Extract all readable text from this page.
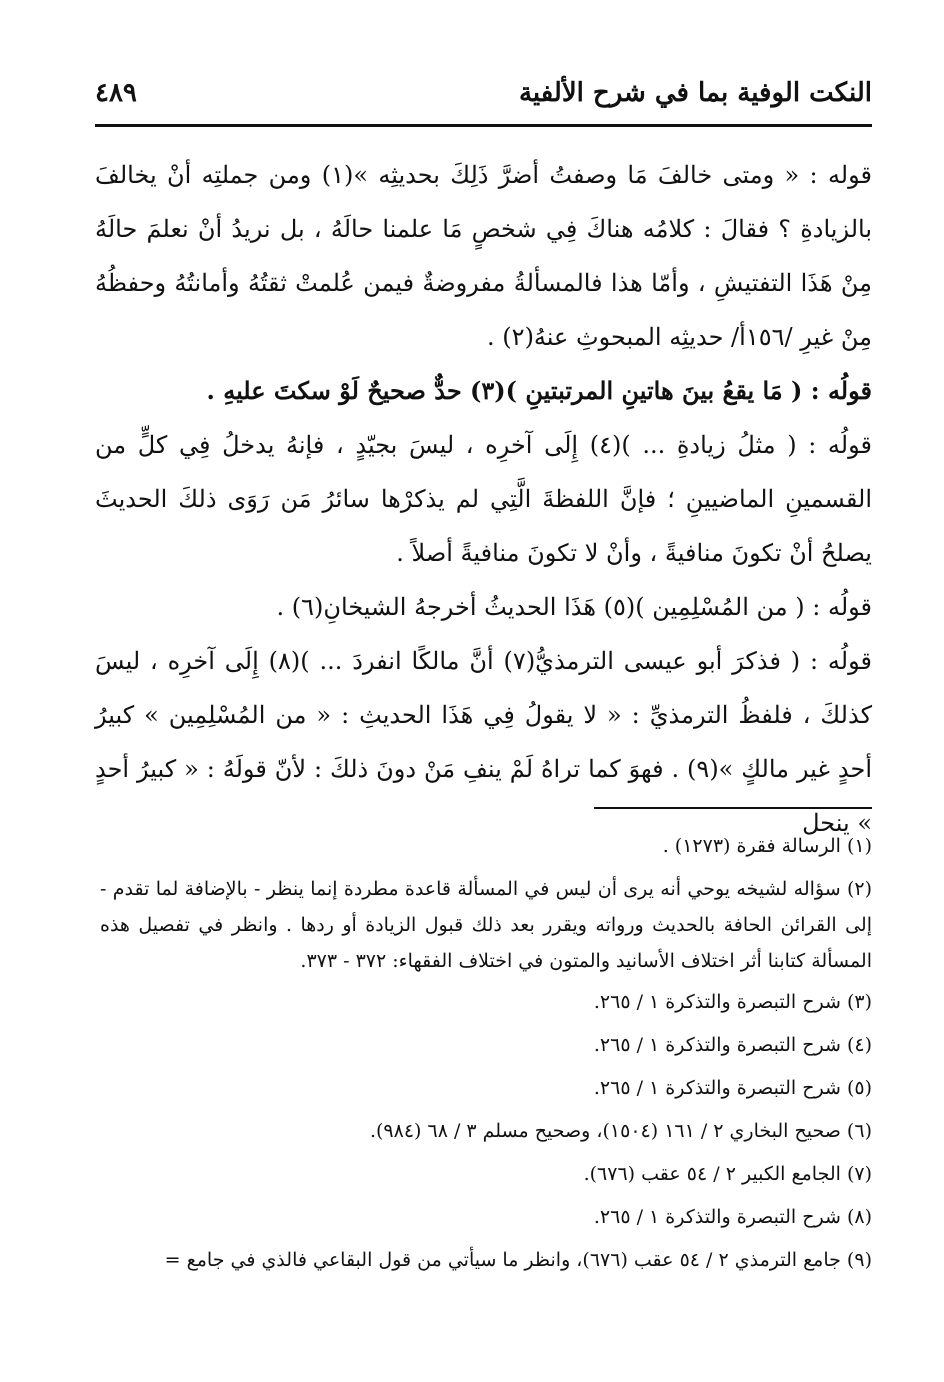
النكت الوفية بما في شرح الألفية
٤٨٩

قوله : « ومتى خالفَ مَا وصفتُ أضرَّ ذَلِكَ بحديثِه »(١) ومن جملتِه أنْ يخالفَ بالزيادةِ ؟ فقالَ : كلامُه هناكَ فِي شخصٍ مَا علمنا حالَهُ ، بل نريدُ أنْ نعلمَ حالَهُ مِنْ هَذَا التفتيشِ ، وأمّا هذا فالمسألةُ مفروضةٌ فيمن عُلمتْ ثقتُهُ وأمانتُهُ وحفظُهُ مِنْ غيرِ /١٥٦أ/ حديثِه المبحوثِ عنهُ(٢) .

قولُه : ( مَا يقعُ بينَ هاتينِ المرتبتينِ )(٣) حدٌّ صحيحٌ لَوْ سكتَ عليهِ .

قولُه : ( مثلُ زيادةِ ... )(٤) إِلَى آخرِه ، ليسَ بجيّدٍ ، فإنهُ يدخلُ فِي كلٍّ من القسمينِ الماضيينِ ؛ فإنَّ اللفظةَ الَّتِي لم يذكرْها سائرُ مَن رَوَى ذلكَ الحديثَ يصلحُ أنْ تكونَ منافيةً ، وأنْ لا تكونَ منافيةً أصلاً .

قولُه : ( من المُسْلِمِين )(٥) هَذَا الحديثُ أخرجهُ الشيخانِ(٦) .

قولُه : ( فذكرَ أبو عيسى الترمذيُّ(٧) أنَّ مالكًا انفردَ ... )(٨) إِلَى آخرِه ، ليسَ كذلكَ ، فلفظُ الترمذيِّ : « لا يقولُ فِي هَذَا الحديثِ : « من المُسْلِمِين » كبيرُ أحدٍ غير مالكٍ »(٩) . فهوَ كما تراهُ لَمْ ينفِ مَنْ دونَ ذلكَ : لأنّ قولَهُ : « كبيرُ أحدٍ » ينحل

(١) الرسالة فقرة (١٢٧٣) .

(٢) سؤاله لشيخه يوحي أنه يرى أن ليس في المسألة قاعدة مطردة إنما ينظر - بالإضافة لما تقدم - إلى القرائن الحافة بالحديث ورواته ويقرر بعد ذلك قبول الزيادة أو ردها . وانظر في تفصيل هذه المسألة كتابنا أثر اختلاف الأسانيد والمتون في اختلاف الفقهاء: ٣٧٢ - ٣٧٣.

(٣) شرح التبصرة والتذكرة ١ / ٢٦٥.

(٤) شرح التبصرة والتذكرة ١ / ٢٦٥.

(٥) شرح التبصرة والتذكرة ١ / ٢٦٥.

(٦) صحيح البخاري ٢ / ١٦١ (١٥٠٤)، وصحيح مسلم ٣ / ٦٨ (٩٨٤).

(٧) الجامع الكبير ٢ / ٥٤ عقب (٦٧٦).

(٨) شرح التبصرة والتذكرة ١ / ٢٦٥.

(٩) جامع الترمذي ٢ / ٥٤ عقب (٦٧٦)، وانظر ما سيأتي من قول البقاعي فالذي في جامع =
